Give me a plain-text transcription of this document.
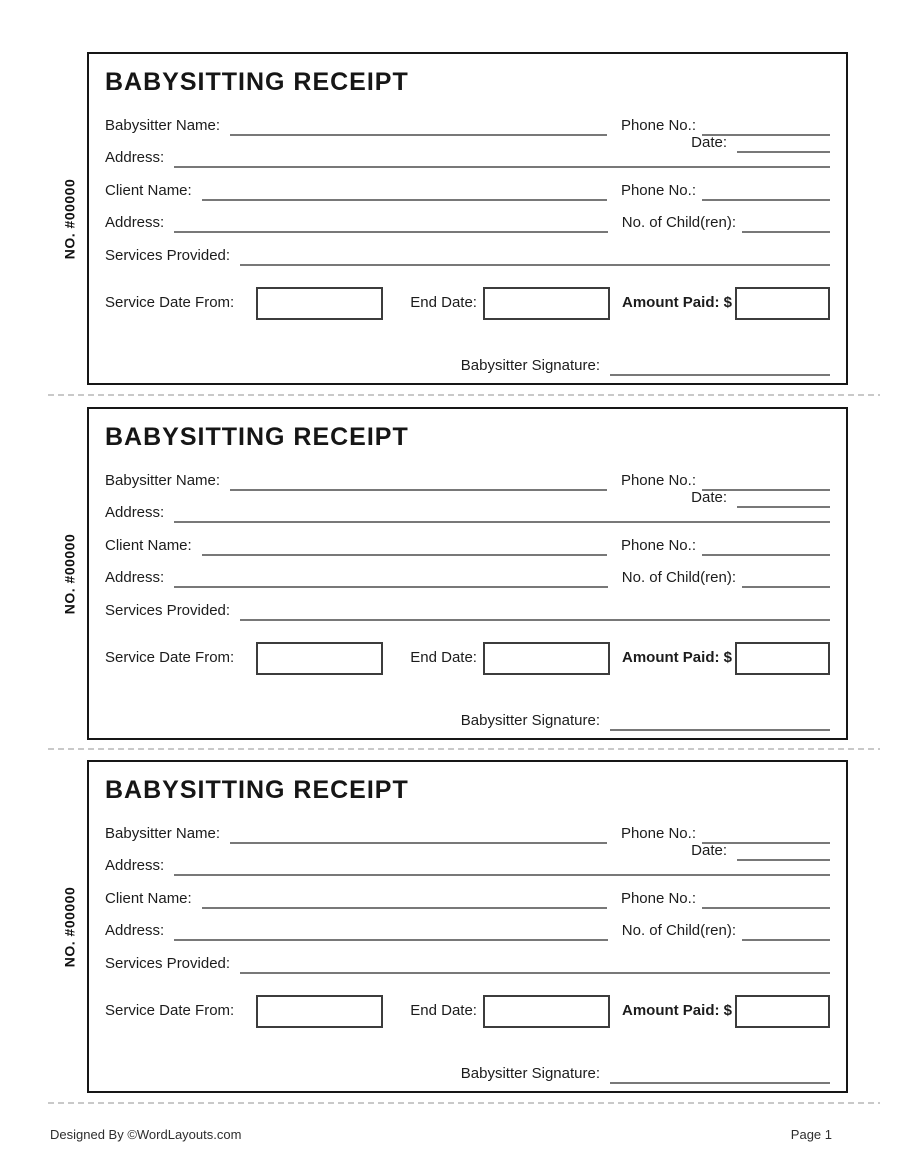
NO. #00000
BABYSITTING RECEIPT
Date:
Babysitter Name:	Phone No.:
Address:
Client Name:	Phone No.:
Address:	No. of Child(ren):
Services Provided:
Service Date From:	End Date:	Amount Paid: $
Babysitter Signature:
NO. #00000
BABYSITTING RECEIPT
Date:
Babysitter Name:	Phone No.:
Address:
Client Name:	Phone No.:
Address:	No. of Child(ren):
Services Provided:
Service Date From:	End Date:	Amount Paid: $
Babysitter Signature:
NO. #00000
BABYSITTING RECEIPT
Date:
Babysitter Name:	Phone No.:
Address:
Client Name:	Phone No.:
Address:	No. of Child(ren):
Services Provided:
Service Date From:	End Date:	Amount Paid: $
Babysitter Signature:
Designed By ©WordLayouts.com	Page 1
